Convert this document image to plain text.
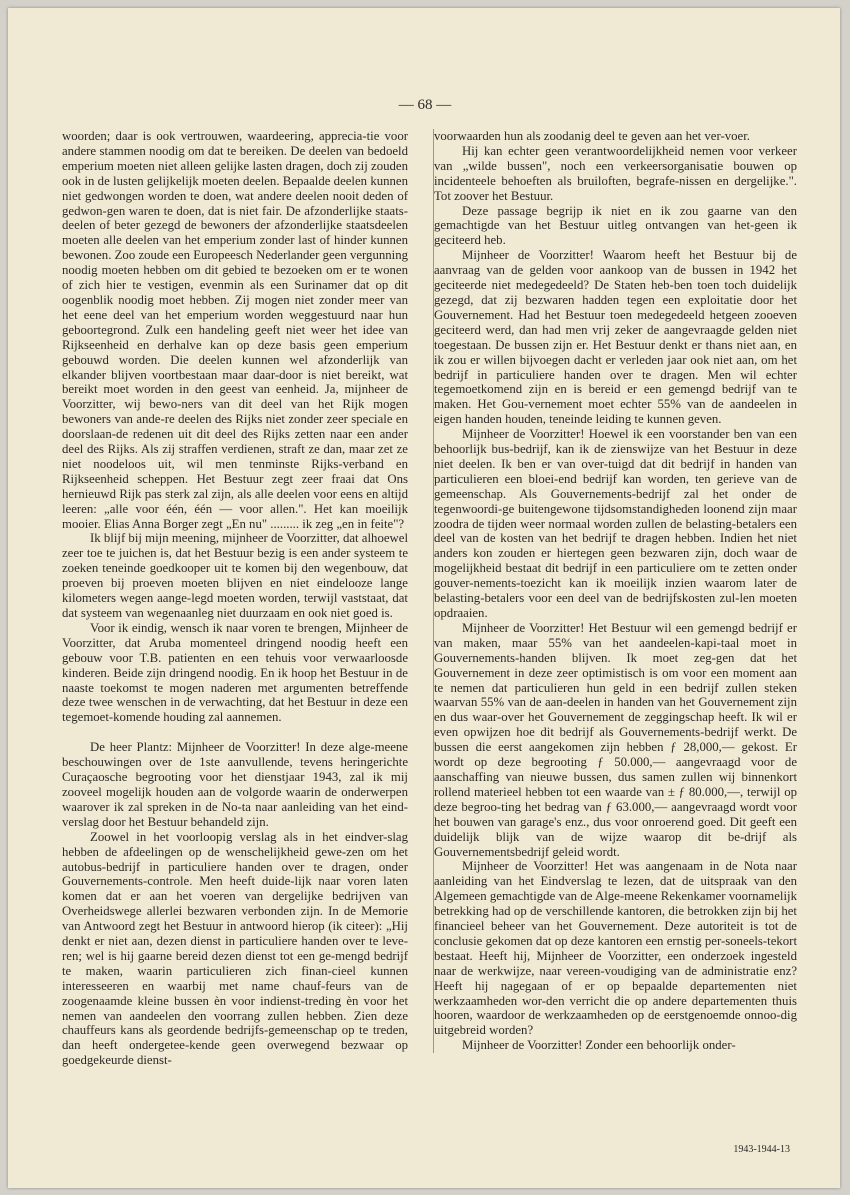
— 68 —

woorden; daar is ook vertrouwen, waardeering, apprecia-tie voor andere stammen noodig om dat te bereiken. De deelen van bedoeld emperium moeten niet alleen gelijke lasten dragen, doch zij zouden ook in de lusten gelijkelijk moeten deelen. Bepaalde deelen kunnen niet gedwongen worden te doen, wat andere deelen nooit deden of gedwon-gen waren te doen, dat is niet fair. De afzonderlijke staats-deelen of beter gezegd de bewoners der afzonderlijke staatsdeelen moeten alle deelen van het emperium zonder last of hinder kunnen bewonen. Zoo zoude een Europeesch Nederlander geen vergunning noodig moeten hebben om dit gebied te bezoeken om er te wonen of zich hier te vestigen, evenmin als een Surinamer dat op dit oogenblik noodig moet hebben. Zij mogen niet zonder meer van het eene deel van het emperium worden weggestuurd naar hun geboortegrond. Zulk een handeling geeft niet weer het idee van Rijkseenheid en derhalve kan op deze basis geen emperium gebouwd worden. Die deelen kunnen wel afzonderlijk van elkander blijven voortbestaan maar daar-door is niet bereikt, wat bereikt moet worden in den geest van eenheid. Ja, mijnheer de Voorzitter, wij bewo-ners van dit deel van het Rijk mogen bewoners van ande-re deelen des Rijks niet zonder zeer speciale en doorslaan-de redenen uit dit deel des Rijks zetten naar een ander deel des Rijks. Als zij straffen verdienen, straft ze dan, maar zet ze niet noodeloos uit, wil men tenminste Rijks-verband en Rijkseenheid scheppen. Het Bestuur zegt zeer fraai dat Ons hernieuwd Rijk pas sterk zal zijn, als alle deelen voor eens en altijd leeren: „alle voor één, één — voor allen.". Het kan moeilijk mooier. Elias Anna Borger zegt „En nu" ......... ik zeg „en in feite"?

Ik blijf bij mijn meening, mijnheer de Voorzitter, dat alhoewel zeer toe te juichen is, dat het Bestuur bezig is een ander systeem te zoeken teneinde goedkooper uit te komen bij den wegenbouw, dat proeven bij proeven moeten blijven en niet eindelooze lange kilometers wegen aange-legd moeten worden, terwijl vaststaat, dat dat systeem van wegenaanleg niet duurzaam en ook niet goed is.

Voor ik eindig, wensch ik naar voren te brengen, Mijnheer de Voorzitter, dat Aruba momenteel dringend noodig heeft een gebouw voor T.B. patienten en een tehuis voor verwaarloosde kinderen. Beide zijn dringend noodig. En ik hoop het Bestuur in de naaste toekomst te mogen naderen met argumenten betreffende deze twee wenschen in de verwachting, dat het Bestuur in deze een tegemoet-komende houding zal aannemen.

De heer Plantz: Mijnheer de Voorzitter! In deze alge-meene beschouwingen over de 1ste aanvullende, tevens heringerichte Curaçaosche begrooting voor het dienstjaar 1943, zal ik mij zooveel mogelijk houden aan de volgorde waarin de onderwerpen waarover ik zal spreken in de No-ta naar aanleiding van het eind-verslag door het Bestuur behandeld zijn.

Zoowel in het voorloopig verslag als in het eindver-slag hebben de afdeelingen op de wenschelijkheid gewe-zen om het autobus-bedrijf in particuliere handen over te dragen, onder Gouvernements-controle. Men heeft duide-lijk naar voren laten komen dat er aan het voeren van dergelijke bedrijven van Overheidswege allerlei bezwaren verbonden zijn. In de Memorie van Antwoord zegt het Bestuur in antwoord hierop (ik citeer): „Hij denkt er niet aan, dezen dienst in particuliere handen over te leve-ren; wel is hij gaarne bereid dezen dienst tot een ge-mengd bedrijf te maken, waarin particulieren zich finan-cieel kunnen interesseeren en waarbij met name chauf-feurs van de zoogenaamde kleine bussen èn voor indienst-treding èn voor het nemen van aandeelen den voorrang zullen hebben. Zien deze chauffeurs kans als geordende bedrijfs-gemeenschap op te treden, dan heeft ondergeteе-kende geen overwegend bezwaar op goedgekeurde dienst-

voorwaarden hun als zoodanig deel te geven aan het ver-voer.

Hij kan echter geen verantwoordelijkheid nemen voor verkeer van „wilde bussen", noch een verkeersorganisatie bouwen op incidenteele behoeften als bruiloften, begrafe-nissen en dergelijke.". Tot zoover het Bestuur.

Deze passage begrijp ik niet en ik zou gaarne van den gemachtigde van het Bestuur uitleg ontvangen van het-geen ik geciteerd heb.

Mijnheer de Voorzitter! Waarom heeft het Bestuur bij de aanvraag van de gelden voor aankoop van de bussen in 1942 het geciteerde niet medegedeeld? De Staten heb-ben toen toch duidelijk gezegd, dat zij bezwaren hadden tegen een exploitatie door het Gouvernement. Had het Bestuur toen medegedeeld hetgeen zooeven geciteerd werd, dan had men vrij zeker de aangevraagde gelden niet toegestaan. De bussen zijn er. Het Bestuur denkt er thans niet aan, en ik zou er willen bijvoegen dacht er verleden jaar ook niet aan, om het bedrijf in particuliere handen over te dragen. Men wil echter tegemoetkomend zijn en is bereid er een gemengd bedrijf van te maken. Het Gou-vernement moet echter 55% van de aandeelen in eigen handen houden, teneinde leiding te kunnen geven.

Mijnheer de Voorzitter! Hoewel ik een voorstander ben van een behoorlijk bus-bedrijf, kan ik de zienswijze van het Bestuur in deze niet deelen. Ik ben er van over-tuigd dat dit bedrijf in handen van particulieren een bloei-end bedrijf kan worden, ten gerieve van de gemeenschap. Als Gouvernements-bedrijf zal het onder de tegenwoordi-ge buitengewone tijdsomstandigheden loonend zijn maar zoodra de tijden weer normaal worden zullen de belasting-betalers een deel van de kosten van het bedrijf te dragen hebben. Indien het niet anders kon zouden er hiertegen geen bezwaren zijn, doch waar de mogelijkheid bestaat dit bedrijf in een particuliere om te zetten onder gouver-nements-toezicht kan ik moeilijk inzien waarom later de belasting-betalers voor een deel van de bedrijfskosten zul-len moeten opdraaien.

Mijnheer de Voorzitter! Het Bestuur wil een gemengd bedrijf er van maken, maar 55% van het aandeelen-kapi-taal moet in Gouvernements-handen blijven. Ik moet zeg-gen dat het Gouvernement in deze zeer optimistisch is om voor een moment aan te nemen dat particulieren hun geld in een bedrijf zullen steken waarvan 55% van de aan-deelen in handen van het Gouvernement zijn en dus waar-over het Gouvernement de zeggingschap heeft. Ik wil er even opwijzen hoe dit bedrijf als Gouvernements-bedrijf werkt. De bussen die eerst aangekomen zijn hebben ƒ 28,000,— gekost. Er wordt op deze begrooting ƒ 50.000,— aangevraagd voor de aanschaffing van nieuwe bussen, dus samen zullen wij binnenkort rollend materieel hebben tot een waarde van ± ƒ 80.000,—, terwijl op deze begroo-ting het bedrag van ƒ 63.000,— aangevraagd wordt voor het bouwen van garage's enz., dus voor onroerend goed. Dit geeft een duidelijk blijk van de wijze waarop dit be-drijf als Gouvernementsbedrijf geleid wordt.

Mijnheer de Voorzitter! Het was aangenaam in de Nota naar aanleiding van het Eindverslag te lezen, dat de uitspraak van den Algemeen gemachtigde van de Alge-meene Rekenkamer voornamelijk betrekking had op de verschillende kantoren, die betrokken zijn bij het financieel beheer van het Gouvernement. Deze autoriteit is tot de conclusie gekomen dat op deze kantoren een ernstig per-soneels-tekort bestaat. Heeft hij, Mijnheer de Voorzitter, een onderzoek ingesteld naar de werkwijze, naar vereen-voudiging van de administratie enz? Heeft hij nagegaan of er op bepaalde departementen niet werkzaamheden wor-den verricht die op andere departementen thuis hooren, waardoor de werkzaamheden op de eerstgenoemde onnoo-dig uitgebreid worden?

Mijnheer de Voorzitter! Zonder een behoorlijk onder-

1943-1944-13
